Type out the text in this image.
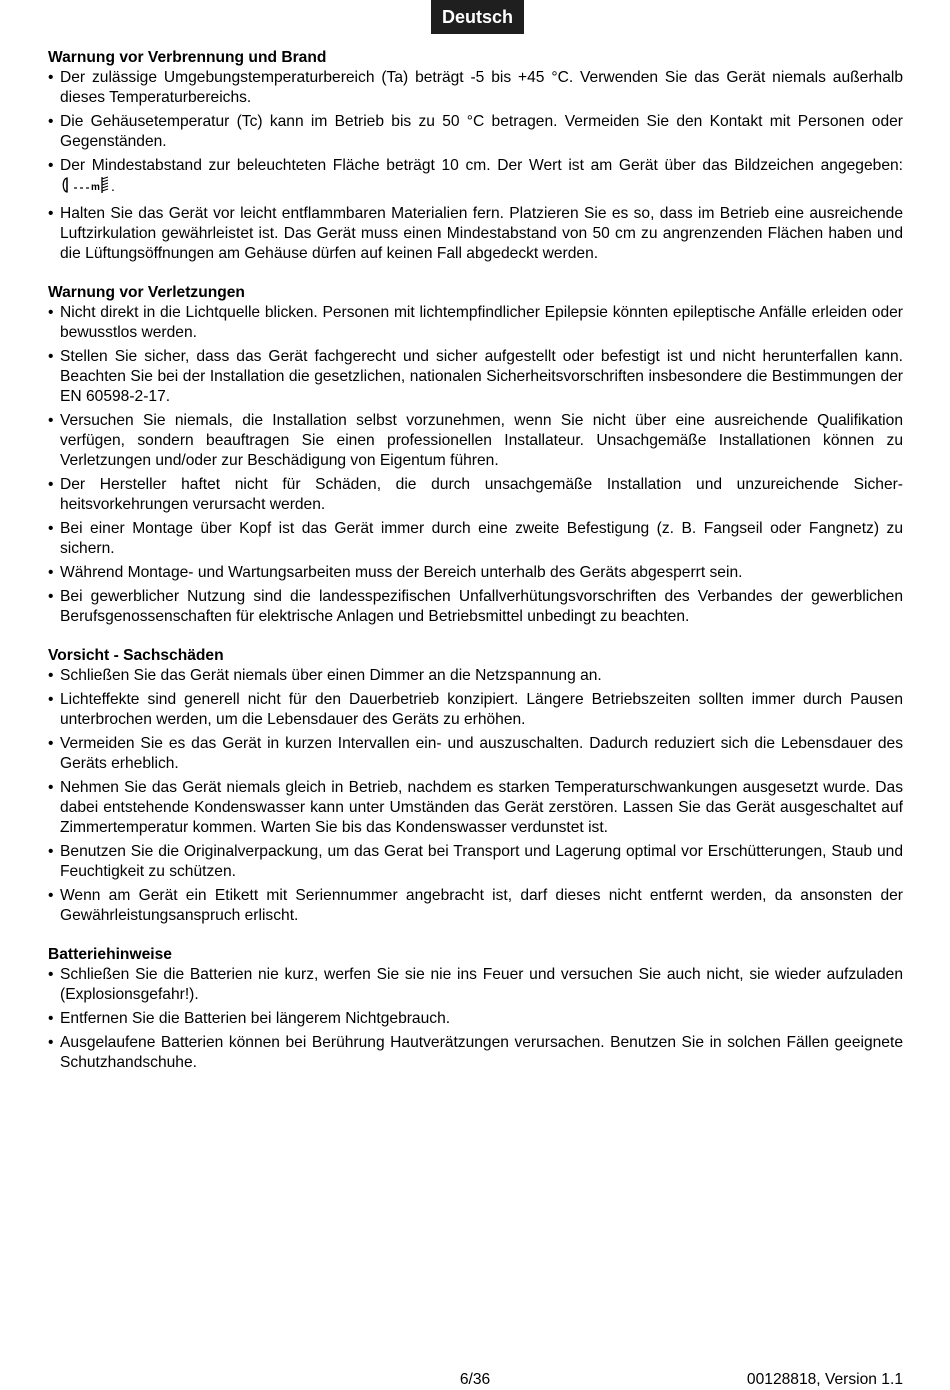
Deutsch
Warnung vor Verbrennung und Brand
• Der zulässige Umgebungstemperaturbereich (Ta) beträgt -5 bis +45 °C. Verwenden Sie das Gerät niemals außerhalb dieses Temperaturbereichs.
• Die Gehäusetemperatur (Tc) kann im Betrieb bis zu 50 °C betragen. Vermeiden Sie den Kontakt mit Personen oder Gegenständen.
• Der Mindestabstand zur beleuchteten Fläche beträgt 10 cm. Der Wert ist am Gerät über das Bildzeichen angegeben:
m .
• Halten Sie das Gerät vor leicht entflammbaren Materialien fern. Platzieren Sie es so, dass im Betrieb eine ausreichende Luftzirkulation gewährleistet ist. Das Gerät muss einen Mindestabstand von 50 cm zu angrenzenden Flächen haben und die Lüftungsöffnungen am Gehäuse dürfen auf keinen Fall abgedeckt werden.
Warnung vor Verletzungen
• Nicht direkt in die Lichtquelle blicken. Personen mit lichtempfindlicher Epilepsie könnten epileptische Anfälle erleiden oder bewusstlos werden.
• Stellen Sie sicher, dass das Gerät fachgerecht und sicher aufgestellt oder befestigt ist und nicht herunterfallen kann. Beachten Sie bei der Installation die gesetzlichen, nationalen Sicherheitsvorschriften insbesondere die Bestimmungen der EN 60598-2-17.
• Versuchen Sie niemals, die Installation selbst vorzunehmen, wenn Sie nicht über eine ausreichende Qualifikation verfügen, sondern beauftragen Sie einen professionellen Installateur. Unsachgemäße Installationen können zu Verletzungen und/oder zur Beschädigung von Eigentum führen.
• Der Hersteller haftet nicht für Schäden, die durch unsachgemäße Installation und unzureichende Sicher-heitsvorkehrungen verursacht werden.
• Bei einer Montage über Kopf ist das Gerät immer durch eine zweite Befestigung (z. B. Fangseil oder Fangnetz) zu sichern.
• Während Montage- und Wartungsarbeiten muss der Bereich unterhalb des Geräts abgesperrt sein.
• Bei gewerblicher Nutzung sind die landesspezifischen Unfallverhütungsvorschriften des Verbandes der gewerblichen Berufsgenossenschaften für elektrische Anlagen und Betriebsmittel unbedingt zu beachten.
Vorsicht - Sachschäden
• Schließen Sie das Gerät niemals über einen Dimmer an die Netzspannung an.
• Lichteffekte sind generell nicht für den Dauerbetrieb konzipiert. Längere Betriebszeiten sollten immer durch Pausen unterbrochen werden, um die Lebensdauer des Geräts zu erhöhen.
• Vermeiden Sie es das Gerät in kurzen Intervallen ein- und auszuschalten. Dadurch reduziert sich die Lebensdauer des Geräts erheblich.
• Nehmen Sie das Gerät niemals gleich in Betrieb, nachdem es starken Temperaturschwankungen ausgesetzt wurde. Das dabei entstehende Kondenswasser kann unter Umständen das Gerät zerstören. Lassen Sie das Gerät ausgeschaltet auf Zimmertemperatur kommen. Warten Sie bis das Kondenswasser verdunstet ist.
• Benutzen Sie die Originalverpackung, um das Gerat bei Transport und Lagerung optimal vor Erschütterungen, Staub und Feuchtigkeit zu schützen.
• Wenn am Gerät ein Etikett mit Seriennummer angebracht ist, darf dieses nicht entfernt werden, da ansonsten der Gewährleistungsanspruch erlischt.
Batteriehinweise
• Schließen Sie die Batterien nie kurz, werfen Sie sie nie ins Feuer und versuchen Sie auch nicht, sie wieder aufzuladen (Explosionsgefahr!).
• Entfernen Sie die Batterien bei längerem Nichtgebrauch.
• Ausgelaufene Batterien können bei Berührung Hautverätzungen verursachen. Benutzen Sie in solchen Fällen geeignete Schutzhandschuhe.
6/36	00128818, Version 1.1
